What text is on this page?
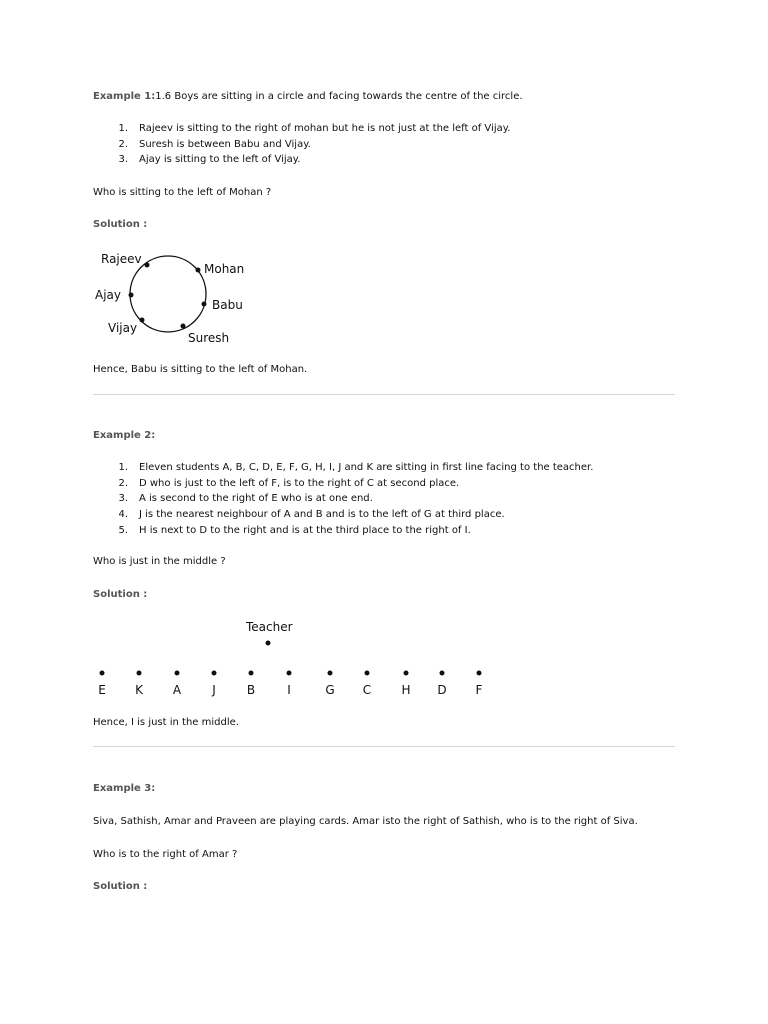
Example 1:1.6 Boys are sitting in a circle and facing towards the centre of the circle.
1. Rajeev is sitting to the right of mohan but he is not just at the left of Vijay.
2. Suresh is between Babu and Vijay.
3. Ajay is sitting to the left of Vijay.
Who is sitting to the left of Mohan ?
Solution :
Rajeev
Mohan
Ajay
Babu
Vijay
Suresh
Hence, Babu is sitting to the left of Mohan.
Example 2:
1. Eleven students A, B, C, D, E, F, G, H, I, J and K are sitting in first line facing to the teacher.
2. D who is just to the left of F, is to the right of C at second place.
3. A is second to the right of E who is at one end.
4. J is the nearest neighbour of A and B and is to the left of G at third place.
5. H is next to D to the right and is at the third place to the right of I.
Who is just in the middle ?
Solution :
Teacher
E K A	J	B	I	G C	H D F
Hence, I is just in the middle.
Example 3:
Siva, Sathish, Amar and Praveen are playing cards. Amar isto the right of Sathish, who is to the right of Siva.
Who is to the right of Amar ?
Solution :
